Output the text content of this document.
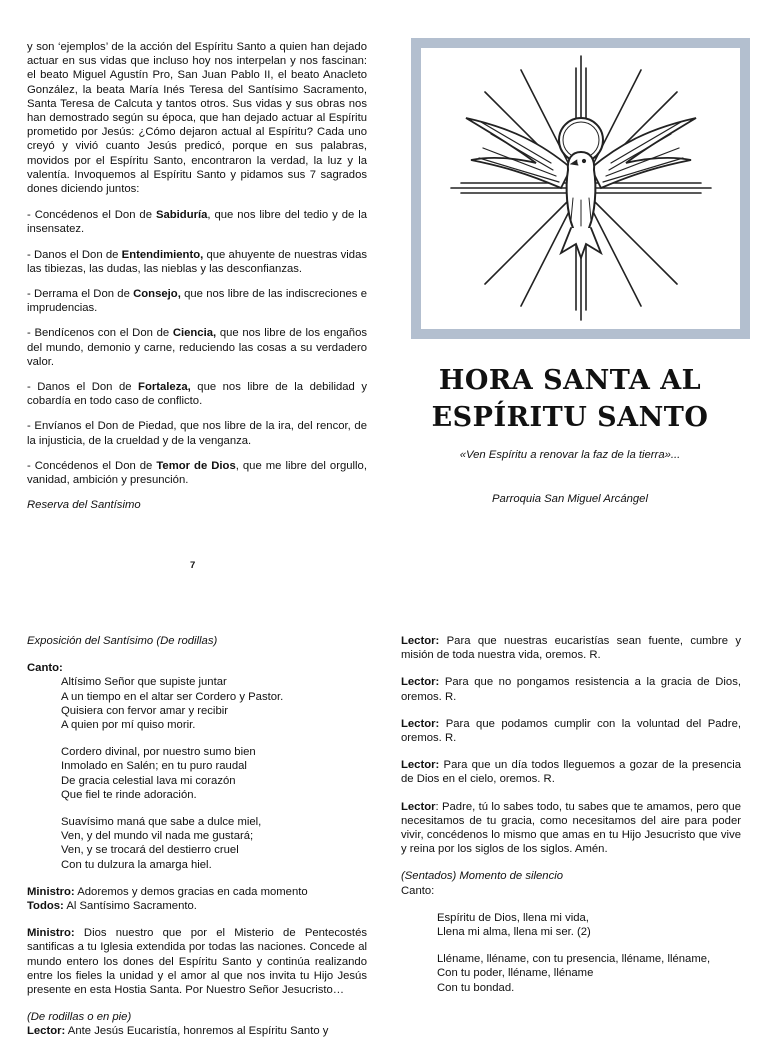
y son ‘ejemplos’ de la acción del Espíritu Santo a quien han dejado actuar en sus vidas que incluso hoy nos interpelan y nos fascinan: el beato Miguel Agustín Pro, San Juan Pablo II, el beato Anacleto González, la beata María Inés Teresa del Santísimo Sacramento, Santa Teresa de Calcuta y tantos otros. Sus vidas y sus obras nos han demostrado según su época, que han dejado actuar al Espíritu prometido por Jesús: ¿Cómo dejaron actual al Espíritu? Cada uno creyó y vivió cuanto Jesús predicó, porque en sus palabras, movidos por el Espíritu Santo, encontraron la verdad, la luz y la valentía. Invoquemos al Espíritu Santo y pidamos sus 7 sagrados dones diciendo juntos:

- Concédenos el Don de Sabiduría, que nos libre del tedio y de la insensatez.

- Danos el Don de Entendimiento, que ahuyente de nuestras vidas las tibiezas, las dudas, las nieblas y las desconfianzas.

- Derrama el Don de Consejo, que nos libre de las indiscreciones e imprudencias.

- Bendícenos con el Don de Ciencia, que nos libre de los engaños del mundo, demonio y carne, reduciendo las cosas a su verdadero valor.

- Danos el Don de Fortaleza, que nos libre de la debilidad y cobardía en todo caso de conflicto.

- Envíanos el Don de Piedad, que nos libre de la ira, del rencor, de la injusticia, de la crueldad y de la venganza.

- Concédenos el Don de Temor de Dios, que me libre del orgullo, vanidad, ambición y presunción.

Reserva del Santísimo

7
HORA SANTA AL
ESPÍRITU SANTO
«Ven Espíritu a renovar la faz de la tierra»...
Parroquia San Miguel Arcángel

Exposición del Santísimo (De rodillas)

Canto:

Altísimo Señor que supiste juntar
A un tiempo en el altar ser Cordero y Pastor.
Quisiera con fervor amar y recibir
A quien por mí quiso morir.
Cordero divinal, por nuestro sumo bien
Inmolado en Salén; en tu puro raudal
De gracia celestial lava mi corazón
Que fiel te rinde adoración.
Suavísimo maná que sabe a dulce miel,
Ven, y del mundo vil nada me gustará;
Ven, y se trocará del destierro cruel
Con tu dulzura la amarga hiel.

Ministro: Adoremos y demos gracias en cada momento

Todos: Al Santísimo Sacramento.

Ministro: Dios nuestro que por el Misterio de Pentecostés santificas a tu Iglesia extendida por todas las naciones. Concede al mundo entero los dones del Espíritu Santo y continúa realizando entre los fieles la unidad y el amor al que nos invita tu Hijo Jesús presente en esta Hostia Santa. Por Nuestro Señor Jesucristo…

(De rodillas o en pie)

Lector: Ante Jesús Eucaristía, honremos al Espíritu Santo y

Lector: Para que nuestras eucaristías sean fuente, cumbre y misión de toda nuestra vida, oremos. R.

Lector: Para que no pongamos resistencia a la gracia de Dios, oremos. R.

Lector: Para que podamos cumplir con la voluntad del Padre, oremos. R.

Lector: Para que un día todos lleguemos a gozar de la presencia de Dios en el cielo, oremos. R.

Lector: Padre, tú lo sabes todo, tu sabes que te amamos, pero que necesitamos de tu gracia, como necesitamos del aire para poder vivir, concédenos lo mismo que amas en tu Hijo Jesucristo que vive y reina por los siglos de los siglos. Amén.

(Sentados) Momento de silencio

Canto:

Espíritu de Dios, llena mi vida,
Llena mi alma, llena mi ser. (2)
Lléname, lléname, con tu presencia, lléname, lléname,
Con tu poder, lléname, lléname
Con tu bondad.
